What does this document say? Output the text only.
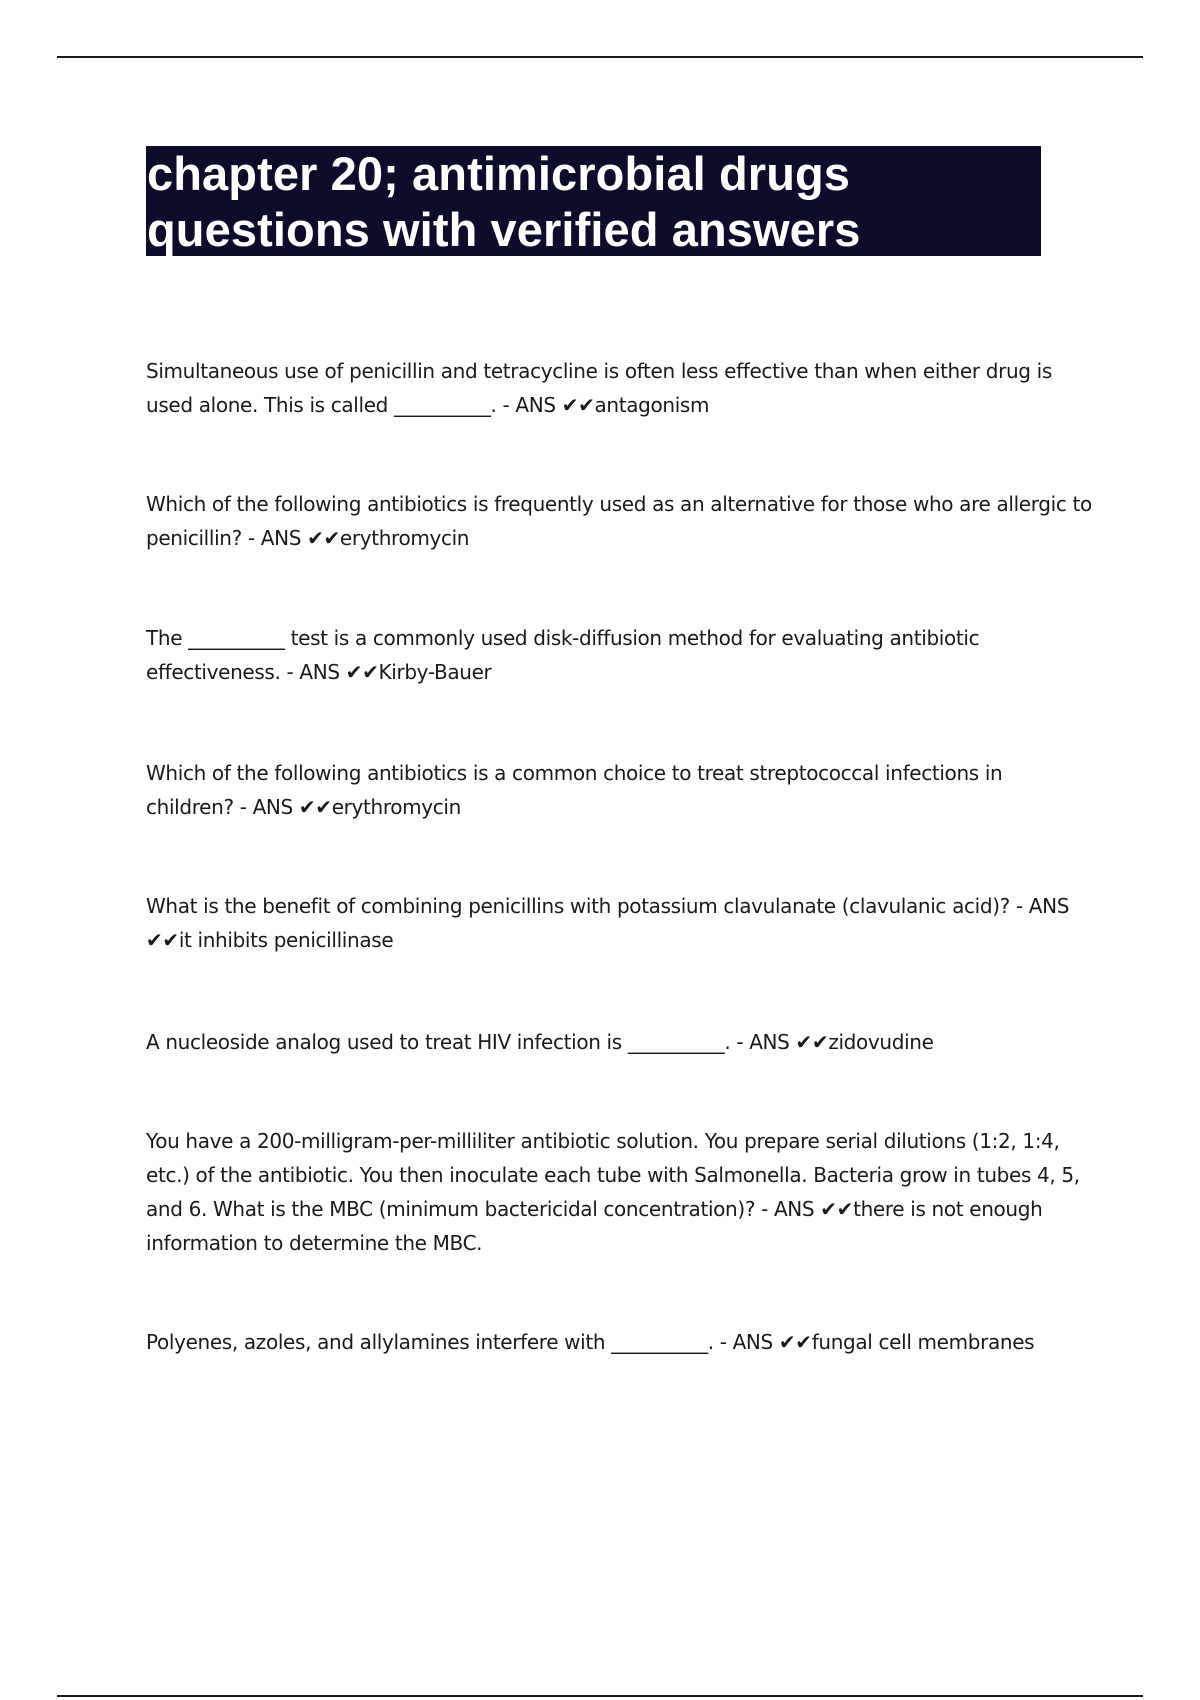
chapter 20; antimicrobial drugs
questions with verified answers

Simultaneous use of penicillin and tetracycline is often less effective than when either drug is used alone. This is called __________. - ANS ✔✔antagonism

Which of the following antibiotics is frequently used as an alternative for those who are allergic to penicillin? - ANS ✔✔erythromycin

The __________ test is a commonly used disk-diffusion method for evaluating antibiotic effectiveness. - ANS ✔✔Kirby-Bauer

Which of the following antibiotics is a common choice to treat streptococcal infections in children? - ANS ✔✔erythromycin

What is the benefit of combining penicillins with potassium clavulanate (clavulanic acid)? - ANS ✔✔it inhibits penicillinase

A nucleoside analog used to treat HIV infection is __________. - ANS ✔✔zidovudine

You have a 200-milligram-per-milliliter antibiotic solution. You prepare serial dilutions (1:2, 1:4, etc.) of the antibiotic. You then inoculate each tube with Salmonella. Bacteria grow in tubes 4, 5, and 6. What is the MBC (minimum bactericidal concentration)? - ANS ✔✔there is not enough information to determine the MBC.

Polyenes, azoles, and allylamines interfere with __________. - ANS ✔✔fungal cell membranes
